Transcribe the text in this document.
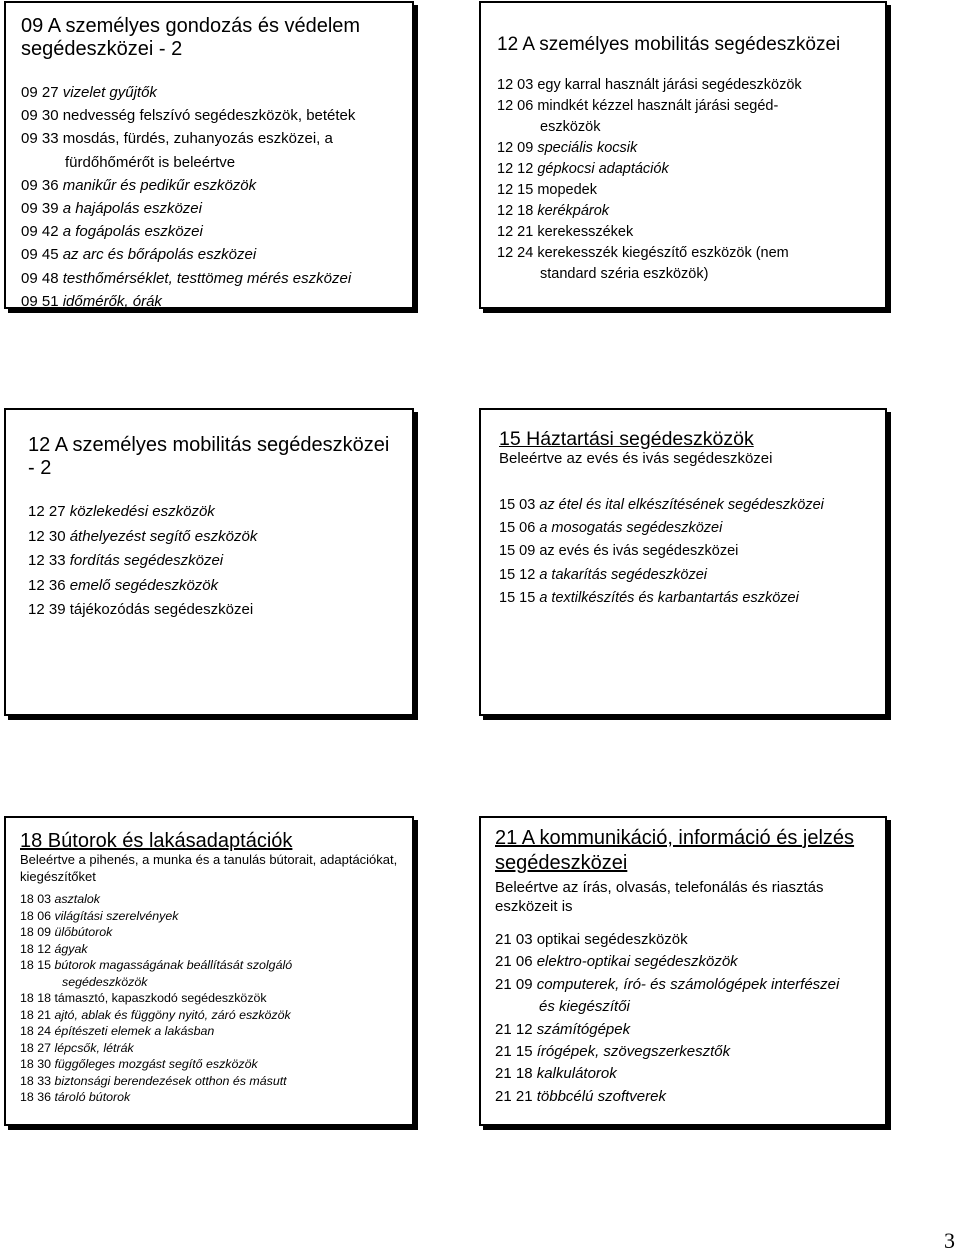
09 A személyes gondozás és védelem segédeszközei - 2
09 27 vizelet gyűjtők
09 30 nedvesség felszívó segédeszközök, betétek
09 33 mosdás, fürdés, zuhanyozás eszközei, a
fürdőhőmérőt is beleértve
09 36 manikűr és pedikűr eszközök
09 39 a hajápolás eszközei
09 42 a fogápolás eszközei
09 45 az arc és bőrápolás eszközei
09 48 testhőmérséklet, testtömeg mérés eszközei
09 51 időmérők, órák
12 A személyes mobilitás segédeszközei
12 03 egy karral használt járási segédeszközök
12 06 mindkét kézzel használt járási segéd-
eszközök
12 09 speciális kocsik
12 12 gépkocsi adaptációk
12 15 mopedek
12 18 kerékpárok
12 21 kerekesszékek
12 24 kerekesszék kiegészítő eszközök (nem
standard széria eszközök)
12 A személyes mobilitás segédeszközei - 2
12 27 közlekedési eszközök
12 30 áthelyezést segítő eszközök
12 33 fordítás segédeszközei
12 36 emelő segédeszközök
12 39 tájékozódás segédeszközei
15 Háztartási segédeszközök

Beleértve az evés és ivás segédeszközei

15 03 az étel és ital elkészítésének segédeszközei
15 06 a mosogatás segédeszközei
15 09 az evés és ivás segédeszközei
15 12 a takarítás segédeszközei
15 15 a textilkészítés és karbantartás eszközei
18 Bútorok és lakásadaptációk

Beleértve a pihenés, a munka és a tanulás bútorait, adaptációkat, kiegészítőket

18 03 asztalok
18 06 világítási szerelvények
18 09 ülőbútorok
18 12 ágyak
18 15 bútorok magasságának beállítását szolgáló
segédeszközök
18 18 támasztó, kapaszkodó segédeszközök
18 21 ajtó, ablak és függöny nyitó, záró eszközök
18 24 építészeti elemek a lakásban
18 27 lépcsők, létrák
18 30 függőleges mozgást segítő eszközök
18 33 biztonsági berendezések otthon és másutt
18 36 tároló bútorok
21 A kommunikáció, információ és jelzés segédeszközei

Beleértve az írás, olvasás, telefonálás és riasztás eszközeit is

21 03 optikai segédeszközök
21 06 elektro-optikai segédeszközök
21 09 computerek, író- és számológépek interfészei
és kiegészítői
21 12 számítógépek
21 15 írógépek, szövegszerkesztők
21 18 kalkulátorok
21 21 többcélú szoftverek
3
